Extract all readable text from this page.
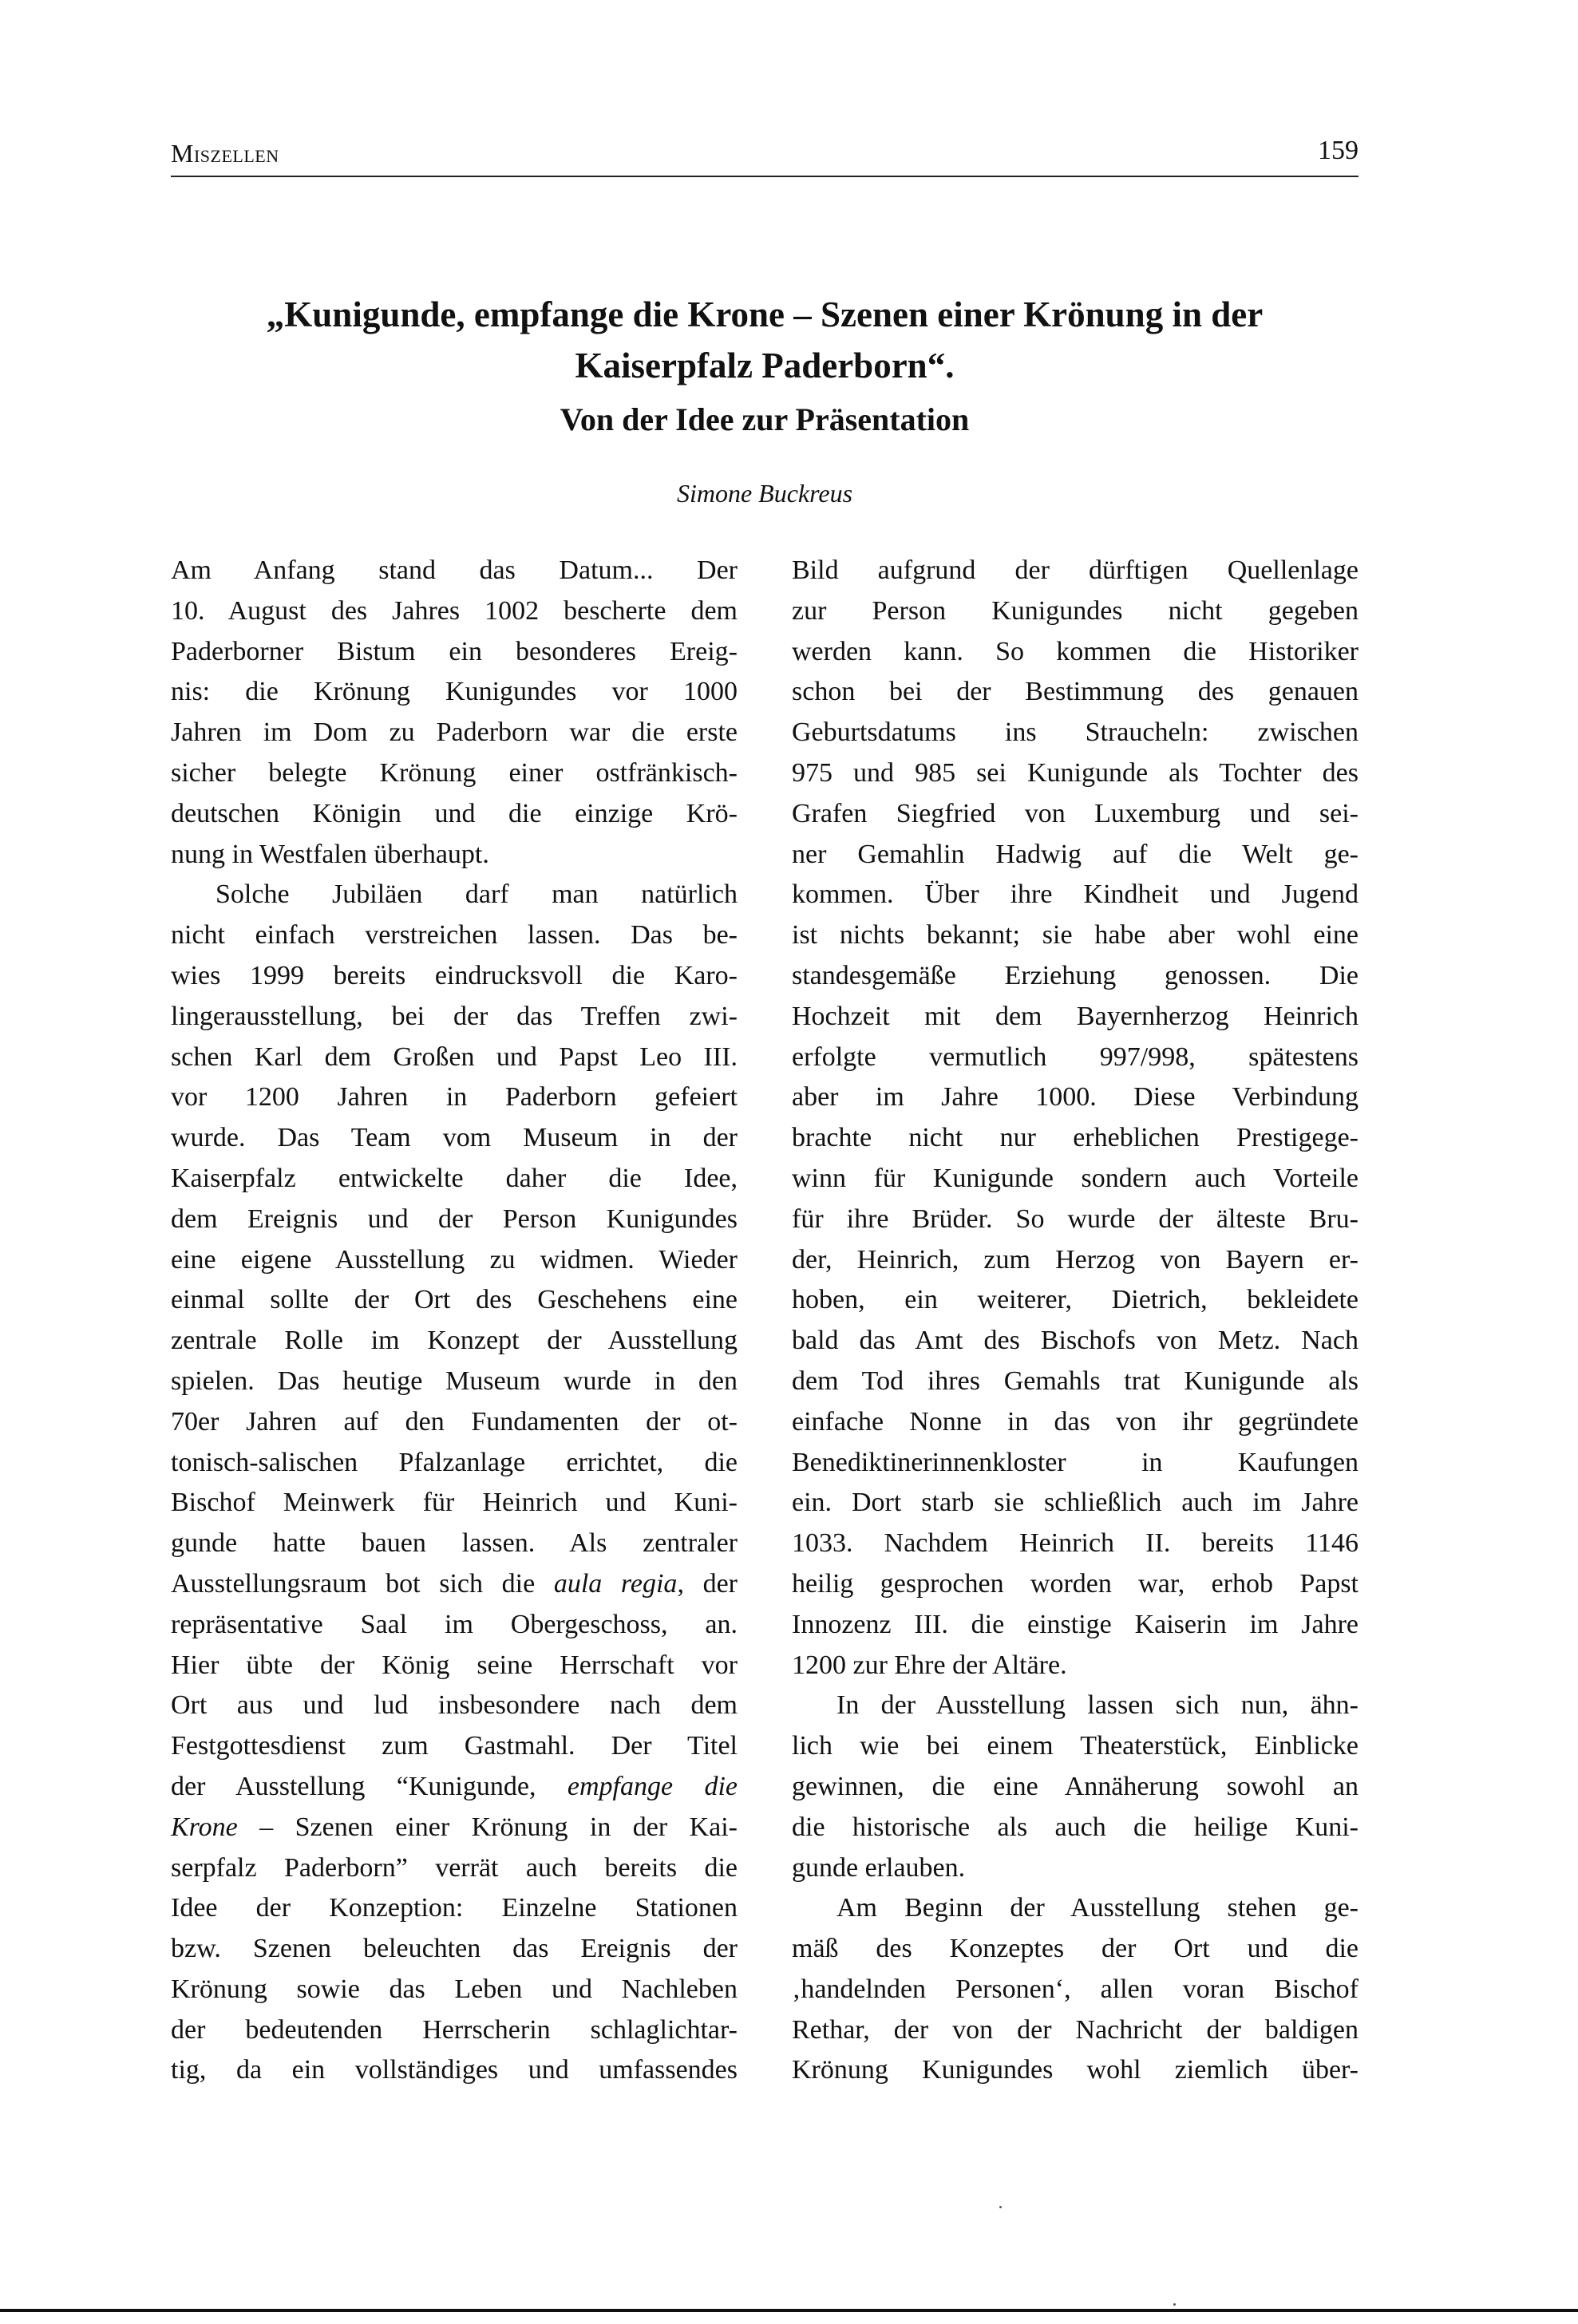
Miszellen	159
„Kunigunde, empfange die Krone – Szenen einer Krönung in der
Kaiserpfalz Paderborn“.
Von der Idee zur Präsentation
Simone Buckreus
Am Anfang stand das Datum... Der
10. August des Jahres 1002 bescherte dem
Paderborner Bistum ein besonderes Ereig-
nis: die Krönung Kunigundes vor 1000
Jahren im Dom zu Paderborn war die erste
sicher belegte Krönung einer ostfränkisch-
deutschen Königin und die einzige Krö-
nung in Westfalen überhaupt.
Solche Jubiläen darf man natürlich
nicht einfach verstreichen lassen. Das be-
wies 1999 bereits eindrucksvoll die Karo-
lingerausstellung, bei der das Treffen zwi-
schen Karl dem Großen und Papst Leo III.
vor 1200 Jahren in Paderborn gefeiert
wurde. Das Team vom Museum in der
Kaiserpfalz entwickelte daher die Idee,
dem Ereignis und der Person Kunigundes
eine eigene Ausstellung zu widmen. Wieder
einmal sollte der Ort des Geschehens eine
zentrale Rolle im Konzept der Ausstellung
spielen. Das heutige Museum wurde in den
70er Jahren auf den Fundamenten der ot-
tonisch-salischen Pfalzanlage errichtet, die
Bischof Meinwerk für Heinrich und Kuni-
gunde hatte bauen lassen. Als zentraler
Ausstellungsraum bot sich die aula regia, der
repräsentative Saal im Obergeschoss, an.
Hier übte der König seine Herrschaft vor
Ort aus und lud insbesondere nach dem
Festgottesdienst zum Gastmahl. Der Titel
der Ausstellung “Kunigunde, empfange die
Krone – Szenen einer Krönung in der Kai-
serpfalz Paderborn” verrät auch bereits die
Idee der Konzeption: Einzelne Stationen
bzw. Szenen beleuchten das Ereignis der
Krönung sowie das Leben und Nachleben
der bedeutenden Herrscherin schlaglichtar-
tig, da ein vollständiges und umfassendes
Bild aufgrund der dürftigen Quellenlage
zur Person Kunigundes nicht gegeben
werden kann. So kommen die Historiker
schon bei der Bestimmung des genauen
Geburtsdatums ins Straucheln: zwischen
975 und 985 sei Kunigunde als Tochter des
Grafen Siegfried von Luxemburg und sei-
ner Gemahlin Hadwig auf die Welt ge-
kommen. Über ihre Kindheit und Jugend
ist nichts bekannt; sie habe aber wohl eine
standesgemäße Erziehung genossen. Die
Hochzeit mit dem Bayernherzog Heinrich
erfolgte vermutlich 997/998, spätestens
aber im Jahre 1000. Diese Verbindung
brachte nicht nur erheblichen Prestigege-
winn für Kunigunde sondern auch Vorteile
für ihre Brüder. So wurde der älteste Bru-
der, Heinrich, zum Herzog von Bayern er-
hoben, ein weiterer, Dietrich, bekleidete
bald das Amt des Bischofs von Metz. Nach
dem Tod ihres Gemahls trat Kunigunde als
einfache Nonne in das von ihr gegründete
Benediktinerinnenkloster in Kaufungen
ein. Dort starb sie schließlich auch im Jahre
1033. Nachdem Heinrich II. bereits 1146
heilig gesprochen worden war, erhob Papst
Innozenz III. die einstige Kaiserin im Jahre
1200 zur Ehre der Altäre.
In der Ausstellung lassen sich nun, ähn-
lich wie bei einem Theaterstück, Einblicke
gewinnen, die eine Annäherung sowohl an
die historische als auch die heilige Kuni-
gunde erlauben.
Am Beginn der Ausstellung stehen ge-
mäß des Konzeptes der Ort und die
‚handelnden Personen‘, allen voran Bischof
Rethar, der von der Nachricht der baldigen
Krönung Kunigundes wohl ziemlich über-
